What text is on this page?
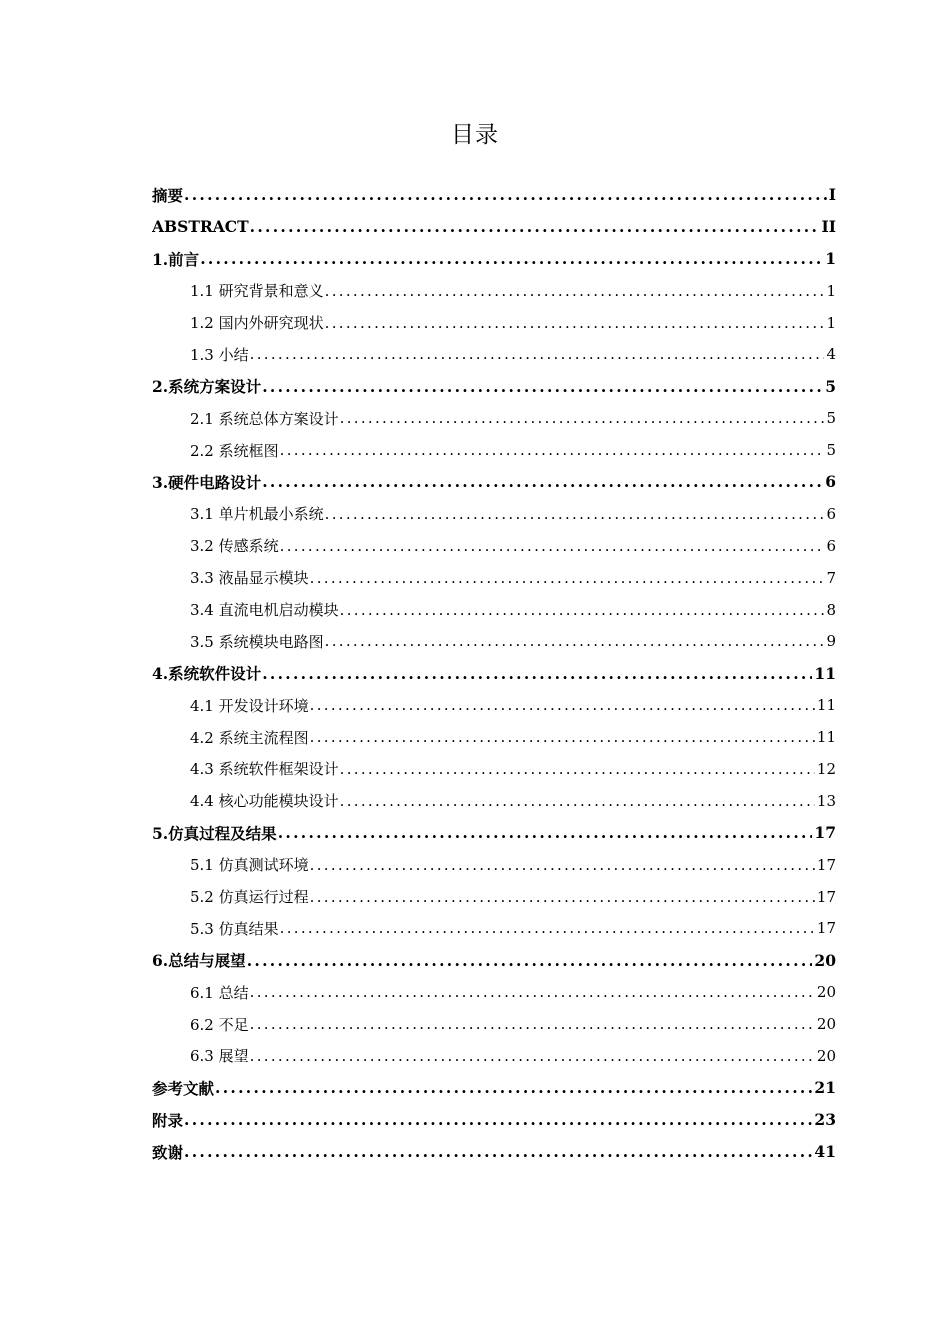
目录
摘要 .....	I
ABSTRACT .....	II
1.前言 .....	1
1.1 研究背景和意义 .....	1
1.2 国内外研究现状 .....	1
1.3 小结 .....	4
2.系统方案设计 .....	5
2.1 系统总体方案设计 .....	5
2.2 系统框图 .....	5
3.硬件电路设计 .....	6
3.1 单片机最小系统 .....	6
3.2 传感系统 .....	6
3.3 液晶显示模块 .....	7
3.4 直流电机启动模块 .....	8
3.5 系统模块电路图 .....	9
4.系统软件设计 .....	11
4.1 开发设计环境 .....	11
4.2 系统主流程图 .....	11
4.3 系统软件框架设计 .....	12
4.4 核心功能模块设计 .....	13
5.仿真过程及结果 .....	17
5.1 仿真测试环境 .....	17
5.2 仿真运行过程 .....	17
5.3 仿真结果 .....	17
6.总结与展望 .....	20
6.1 总结 .....	20
6.2 不足 .....	20
6.3 展望 .....	20
参考文献 .....	21
附录 .....	23
致谢 .....	41
